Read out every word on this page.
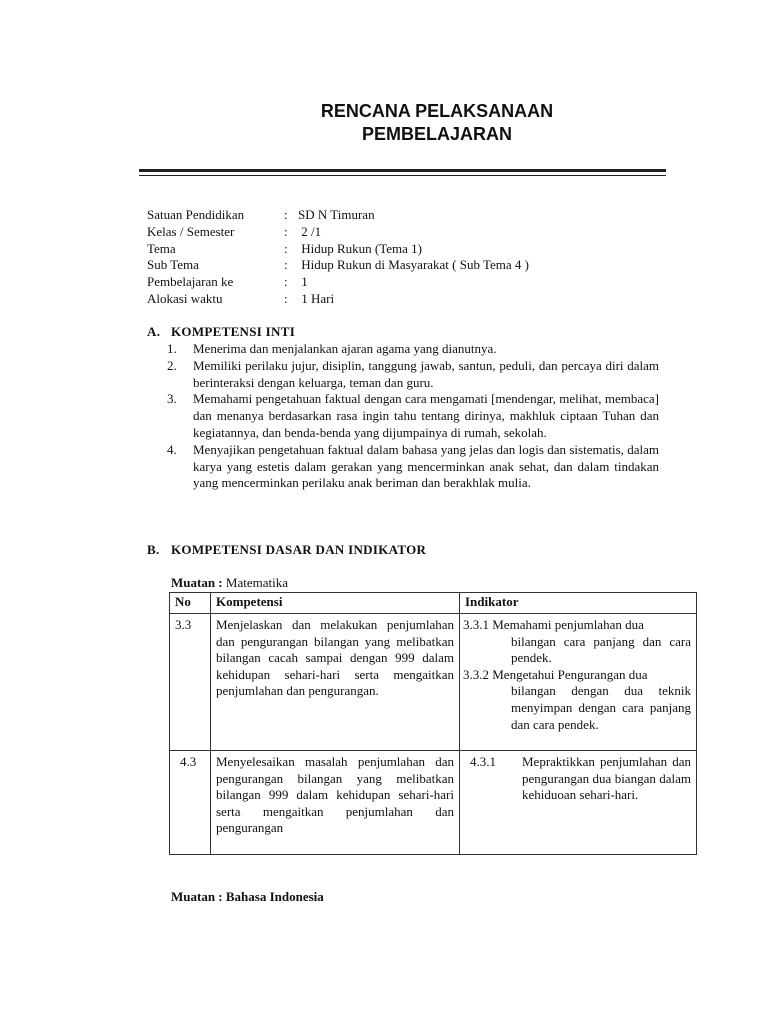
RENCANA PELAKSANAAN
PEMBELAJARAN
Satuan Pendidikan	: SD N Timuran
Kelas / Semester	: 2 /1
Tema	: Hidup Rukun (Tema 1)
Sub Tema	: Hidup Rukun di Masyarakat ( Sub Tema 4 )
Pembelajaran ke	: 1
Alokasi waktu	: 1 Hari
A. KOMPETENSI INTI
1.	Menerima dan menjalankan ajaran agama yang dianutnya.
2.	Memiliki perilaku jujur, disiplin, tanggung jawab, santun, peduli, dan percaya diri dalam berinteraksi dengan keluarga, teman dan guru.
3.	Memahami pengetahuan faktual dengan cara mengamati [mendengar, melihat, membaca] dan menanya berdasarkan rasa ingin tahu tentang dirinya, makhluk ciptaan Tuhan dan kegiatannya, dan benda-benda yang dijumpainya di rumah, sekolah.
4.	Menyajikan pengetahuan faktual dalam bahasa yang jelas dan logis dan sistematis, dalam karya yang estetis dalam gerakan yang mencerminkan anak sehat, dan dalam tindakan yang mencerminkan perilaku anak beriman dan berakhlak mulia.
B. KOMPETENSI DASAR DAN INDIKATOR
Muatan : Matematika
No	Kompetensi	Indikator
3.3	Menjelaskan dan melakukan penjumlahan dan pengurangan bilangan yang melibatkan bilangan cacah sampai dengan 999 dalam kehidupan sehari-hari serta mengaitkan penjumlahan dan pengurangan.	3.3.1 Memahami penjumlahan dua
bilangan cara panjang dan cara pendek.
3.3.2 Mengetahui Pengurangan dua
bilangan dengan dua teknik menyimpan dengan cara panjang dan cara pendek.

4.3	Menyelesaikan masalah penjumlahan dan pengurangan bilangan yang melibatkan bilangan 999 dalam kehidupan sehari-hari serta mengaitkan penjumlahan dan pengurangan	4.3.1 Mepraktikkan penjumlahan dan pengurangan dua biangan dalam kehiduoan sehari-hari.
Muatan : Bahasa Indonesia
